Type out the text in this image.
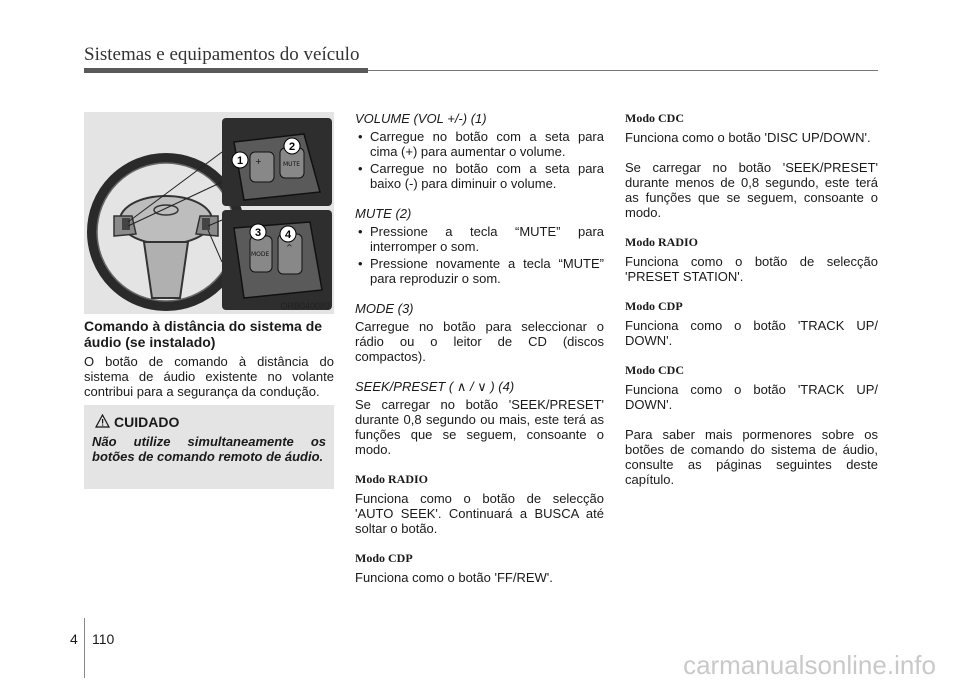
Sistemas e equipamentos do veículo
+	MUTE
MODE
^
1
2
3 4
ORB040089
Comando à distância do sistema de áudio (se instalado)

O botão de comando à distância do sistema de áudio existente no volante contribui para a segurança da condução.

CUIDADO
Não utilize simultaneamente os botões de comando remoto de áudio.
VOLUME (VOL +/-) (1)
• Carregue no botão com a seta para cima (+) para aumentar o volume.
• Carregue no botão com a seta para baixo (-) para diminuir o volume.
MUTE (2)
• Pressione a tecla “MUTE” para interromper o som.
• Pressione novamente a tecla “MUTE” para reproduzir o som.
MODE (3)

Carregue no botão para seleccionar o rádio ou o leitor de CD (discos compactos).

SEEK/PRESET ( ∧ / ∨ ) (4)

Se carregar no botão 'SEEK/PRESET' durante 0,8 segundo ou mais, este terá as funções que se seguem, consoante o modo.

Modo RADIO

Funciona como o botão de selecção 'AUTO SEEK'. Continuará a BUSCA até soltar o botão.

Modo CDP

Funciona como o botão 'FF/REW'.

Modo CDC

Funciona como o botão 'DISC UP/DOWN'.

Se carregar no botão 'SEEK/PRESET' durante menos de 0,8 segundo, este terá as funções que se seguem, consoante o modo.

Modo RADIO

Funciona como o botão de selecção 'PRESET STATION'.

Modo CDP

Funciona como o botão 'TRACK UP/ DOWN'.

Modo CDC

Funciona como o botão 'TRACK UP/ DOWN'.

Para saber mais pormenores sobre os botões de comando do sistema de áudio, consulte as páginas seguintes deste capítulo.

4 110
carmanualsonline.info
